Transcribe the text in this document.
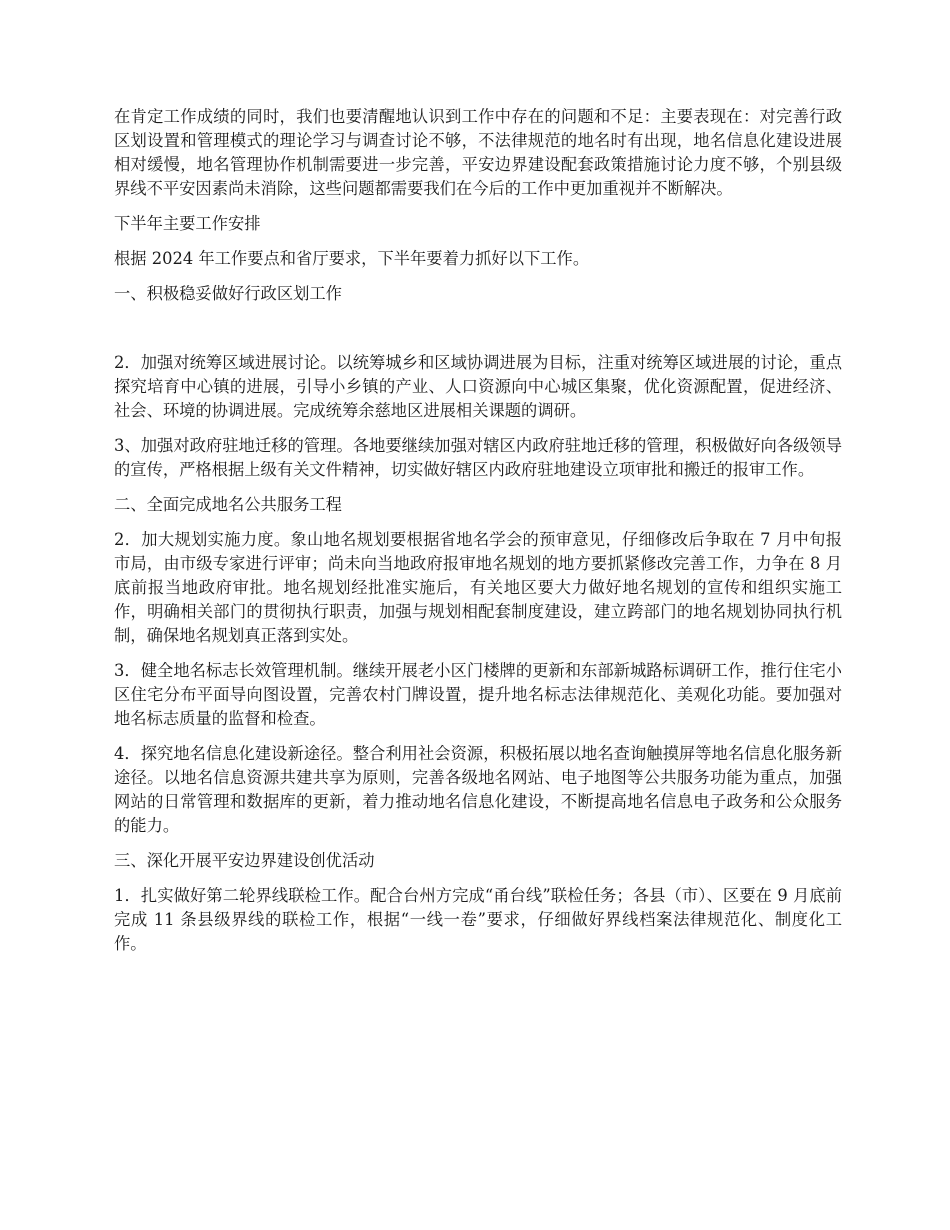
在肯定工作成绩的同时，我们也要清醒地认识到工作中存在的问题和不足：主要表现在：对完善行政区划设置和管理模式的理论学习与调查讨论不够，不法律规范的地名时有出现，地名信息化建设进展相对缓慢，地名管理协作机制需要进一步完善，平安边界建设配套政策措施讨论力度不够，个别县级界线不平安因素尚未消除，这些问题都需要我们在今后的工作中更加重视并不断解决。

下半年主要工作安排

根据 2024 年工作要点和省厅要求，下半年要着力抓好以下工作。

一、积极稳妥做好行政区划工作

2．加强对统筹区域进展讨论。以统筹城乡和区域协调进展为目标，注重对统筹区域进展的讨论，重点探究培育中心镇的进展，引导小乡镇的产业、人口资源向中心城区集聚，优化资源配置，促进经济、社会、环境的协调进展。完成统筹余慈地区进展相关课题的调研。

3、加强对政府驻地迁移的管理。各地要继续加强对辖区内政府驻地迁移的管理，积极做好向各级领导的宣传，严格根据上级有关文件精神，切实做好辖区内政府驻地建设立项审批和搬迁的报审工作。

二、全面完成地名公共服务工程

2．加大规划实施力度。象山地名规划要根据省地名学会的预审意见，仔细修改后争取在 7 月中旬报市局，由市级专家进行评审；尚未向当地政府报审地名规划的地方要抓紧修改完善工作，力争在 8 月底前报当地政府审批。地名规划经批准实施后，有关地区要大力做好地名规划的宣传和组织实施工作，明确相关部门的贯彻执行职责，加强与规划相配套制度建设，建立跨部门的地名规划协同执行机制，确保地名规划真正落到实处。

3．健全地名标志长效管理机制。继续开展老小区门楼牌的更新和东部新城路标调研工作，推行住宅小区住宅分布平面导向图设置，完善农村门牌设置，提升地名标志法律规范化、美观化功能。要加强对地名标志质量的监督和检查。

4．探究地名信息化建设新途径。整合利用社会资源，积极拓展以地名查询触摸屏等地名信息化服务新途径。以地名信息资源共建共享为原则，完善各级地名网站、电子地图等公共服务功能为重点，加强网站的日常管理和数据库的更新，着力推动地名信息化建设，不断提高地名信息电子政务和公众服务的能力。

三、深化开展平安边界建设创优活动

1．扎实做好第二轮界线联检工作。配合台州方完成“甬台线”联检任务；各县（市）、区要在 9 月底前完成 11 条县级界线的联检工作，根据“一线一卷”要求，仔细做好界线档案法律规范化、制度化工作。
